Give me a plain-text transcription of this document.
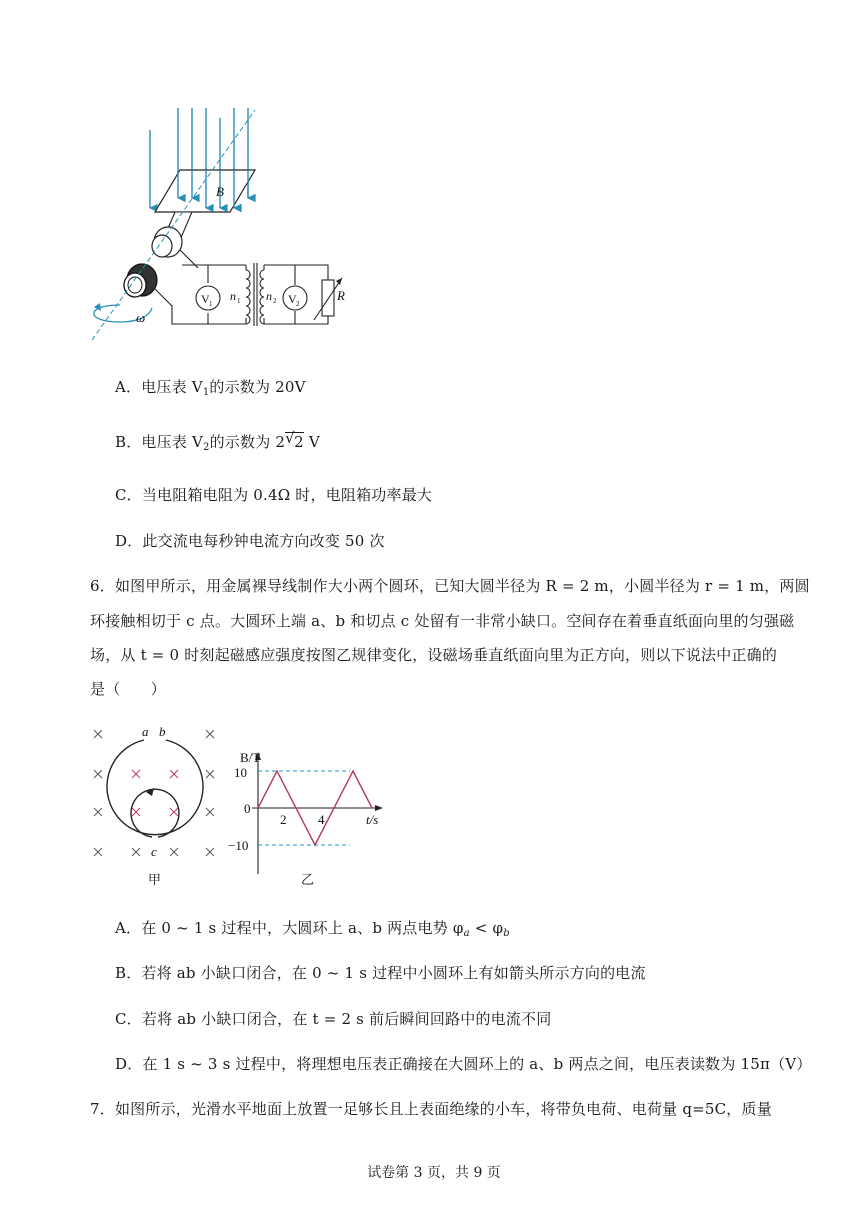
B
ω
V 1
n 1 n 2 V 2
R
A．电压表 $V_1$的示数为 20V
B．电压表 $V_2$的示数为 2 √ 2 V
C．当电阻箱电阻为 0.4Ω 时，电阻箱功率最大
D．此交流电每秒钟电流方向改变 50 次
6．如图甲所示，用金属裸导线制作大小两个圆环，已知大圆半径为 R = 2 m，小圆半径为 r = 1 m，两圆
环接触相切于 c 点。大圆环上端 a、b 和切点 c 处留有一非常小缺口。空间存在着垂直纸面向里的匀强磁
场，从 t = 0 时刻起磁感应强度按图乙规律变化，设磁场垂直纸面向里为正方向，则以下说法中正确的
是（　　）
a b
c
甲
B/T
t/s
10
0
−10
2 4
乙
A．在 0 ~ 1 s 过程中，大圆环上 a、b 两点电势 $\varphi_a < \varphi_b$
B．若将 ab 小缺口闭合，在 0 ~ 1 s 过程中小圆环上有如箭头所示方向的电流
C．若将 ab 小缺口闭合，在 t = 2 s 前后瞬间回路中的电流不同
D．在 1 s ~ 3 s 过程中，将理想电压表正确接在大圆环上的 a、b 两点之间，电压表读数为 15π（V）
7．如图所示，光滑水平地面上放置一足够长且上表面绝缘的小车，将带负电荷、电荷量 q=5C，质量
试卷第 3 页，共 9 页
